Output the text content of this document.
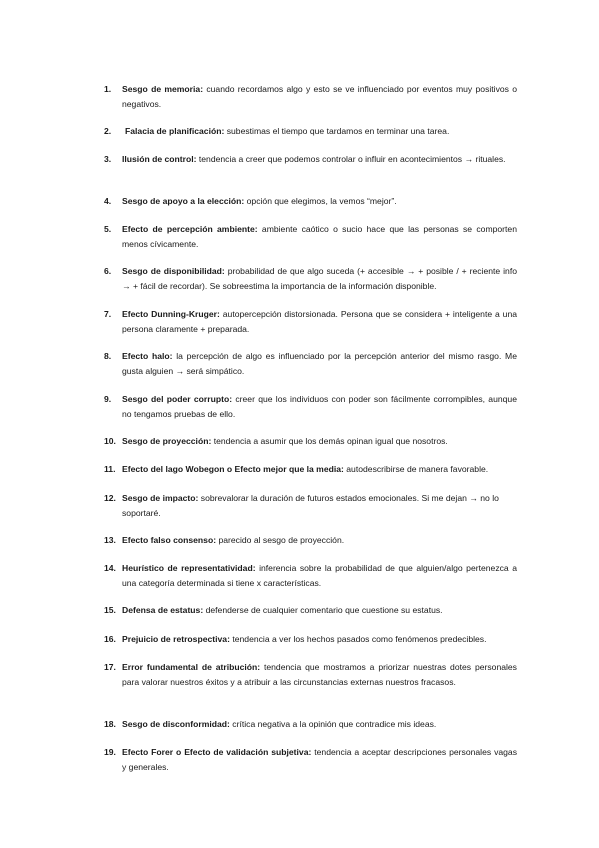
1. Sesgo de memoria: cuando recordamos algo y esto se ve influenciado por eventos muy positivos o negativos.
2. Falacia de planificación: subestimas el tiempo que tardamos en terminar una tarea.
3. Ilusión de control: tendencia a creer que podemos controlar o influir en acontecimientos → rituales.
4. Sesgo de apoyo a la elección: opción que elegimos, la vemos “mejor”.
5. Efecto de percepción ambiente: ambiente caótico o sucio hace que las personas se comporten menos cívicamente.
6. Sesgo de disponibilidad: probabilidad de que algo suceda (+ accesible → + posible / + reciente info → + fácil de recordar). Se sobreestima la importancia de la información disponible.
7. Efecto Dunning-Kruger: autopercepción distorsionada. Persona que se considera + inteligente a una persona claramente + preparada.
8. Efecto halo: la percepción de algo es influenciado por la percepción anterior del mismo rasgo. Me gusta alguien → será simpático.
9. Sesgo del poder corrupto: creer que los individuos con poder son fácilmente corrompibles, aunque no tengamos pruebas de ello.
10. Sesgo de proyección: tendencia a asumir que los demás opinan igual que nosotros.
11. Efecto del lago Wobegon o Efecto mejor que la media: autodescribirse de manera favorable.
12. Sesgo de impacto: sobrevalorar la duración de futuros estados emocionales. Si me dejan → no lo soportaré.
13. Efecto falso consenso: parecido al sesgo de proyección.
14. Heurístico de representatividad: inferencia sobre la probabilidad de que alguien/algo pertenezca a una categoría determinada si tiene x características.
15. Defensa de estatus: defenderse de cualquier comentario que cuestione su estatus.
16. Prejuicio de retrospectiva: tendencia a ver los hechos pasados como fenómenos predecibles.
17. Error fundamental de atribución: tendencia que mostramos a priorizar nuestras dotes personales para valorar nuestros éxitos y a atribuir a las circunstancias externas nuestros fracasos.
18. Sesgo de disconformidad: crítica negativa a la opinión que contradice mis ideas.
19. Efecto Forer o Efecto de validación subjetiva: tendencia a aceptar descripciones personales vagas y generales.
